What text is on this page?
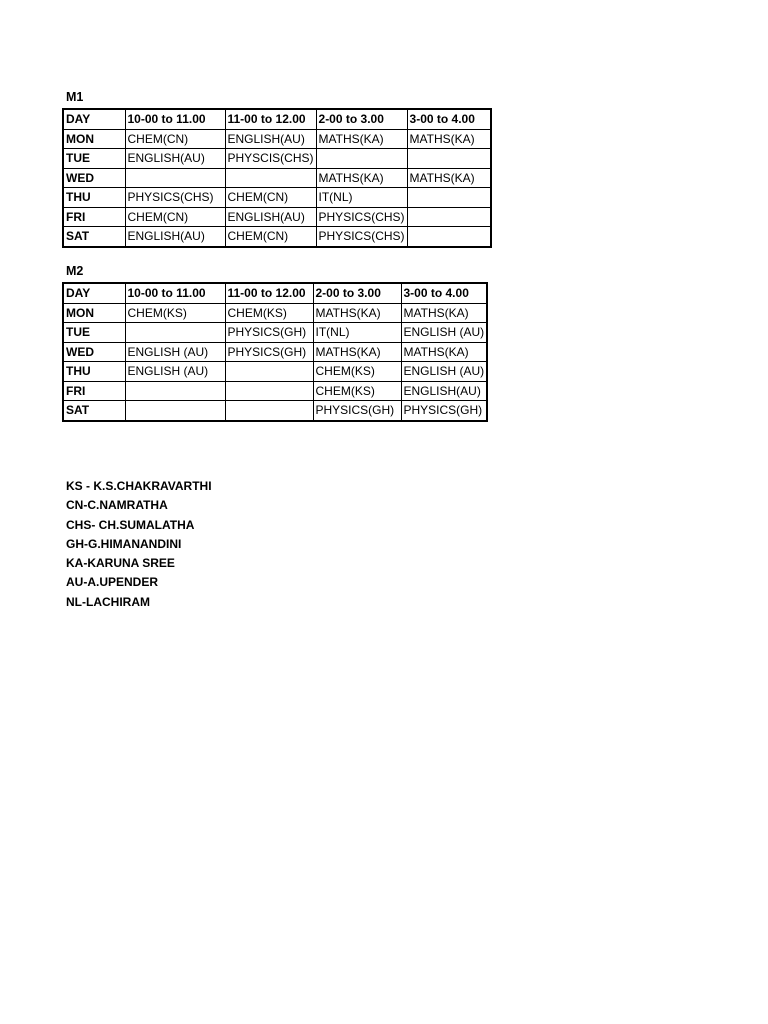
M1
DAY	10-00 to 11.00	11-00 to 12.00	2-00 to 3.00	3-00 to 4.00
MON	CHEM(CN)	ENGLISH(AU)	MATHS(KA)	MATHS(KA)
TUE	ENGLISH(AU)	PHYSCIS(CHS)		
WED			MATHS(KA)	MATHS(KA)
THU	PHYSICS(CHS)	CHEM(CN)	IT(NL)	
FRI	CHEM(CN)	ENGLISH(AU)	PHYSICS(CHS)	
SAT	ENGLISH(AU)	CHEM(CN)	PHYSICS(CHS)	
M2
DAY	10-00 to 11.00	11-00 to 12.00	2-00 to 3.00	3-00 to 4.00
MON	CHEM(KS)	CHEM(KS)	MATHS(KA)	MATHS(KA)
TUE		PHYSICS(GH)	IT(NL)	ENGLISH (AU)
WED	ENGLISH (AU)	PHYSICS(GH)	MATHS(KA)	MATHS(KA)
THU	ENGLISH (AU)		CHEM(KS)	ENGLISH (AU)
FRI			CHEM(KS)	ENGLISH(AU)
SAT			PHYSICS(GH)	PHYSICS(GH)
KS - K.S.CHAKRAVARTHI
CN-C.NAMRATHA
CHS- CH.SUMALATHA
GH-G.HIMANANDINI
KA-KARUNA SREE
AU-A.UPENDER
NL-LACHIRAM
